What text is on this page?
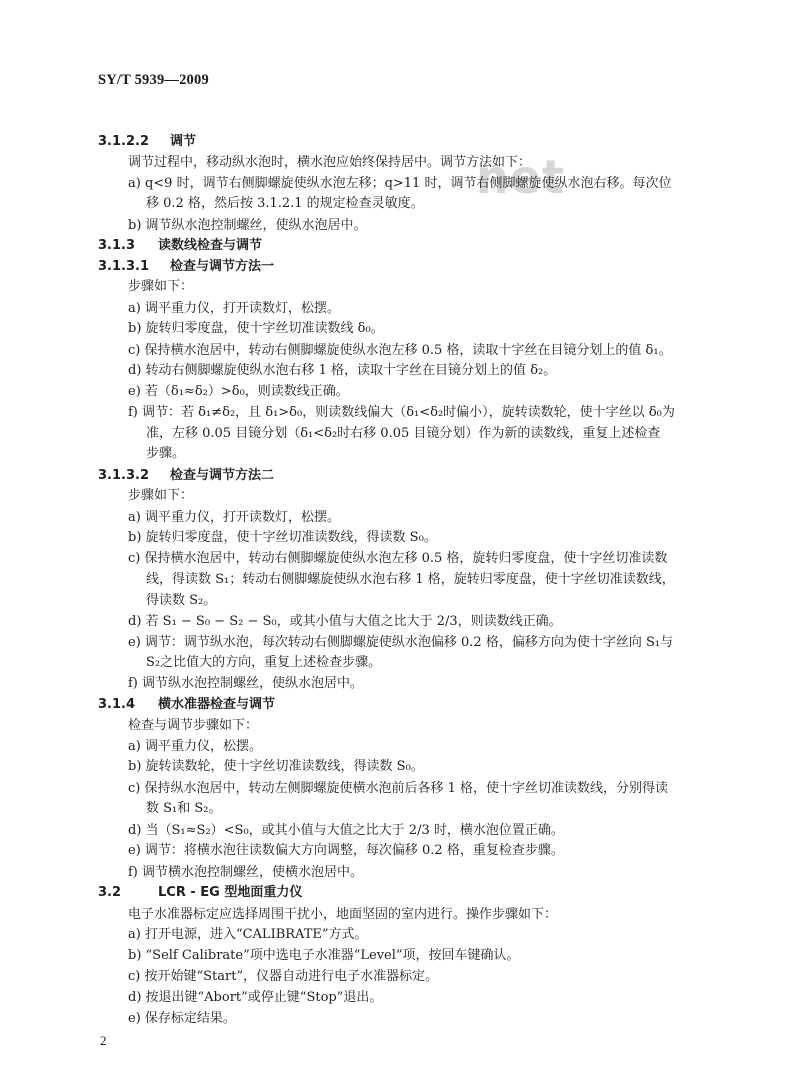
SY/T 5939—2009
net
3.1.2.2 调节
调节过程中，移动纵水泡时，横水泡应始终保持居中。调节方法如下：
a) q<9 时，调节右侧脚螺旋使纵水泡左移；q>11 时，调节右侧脚螺旋使纵水泡右移。每次位
移 0.2 格，然后按 3.1.2.1 的规定检查灵敏度。
b) 调节纵水泡控制螺丝，使纵水泡居中。
3.1.3 读数线检查与调节
3.1.3.1 检查与调节方法一
步骤如下：
a) 调平重力仪，打开读数灯，松摆。
b) 旋转归零度盘，使十字丝切准读数线 δ₀。
c) 保持横水泡居中，转动右侧脚螺旋使纵水泡左移 0.5 格，读取十字丝在目镜分划上的值 δ₁。
d) 转动右侧脚螺旋使纵水泡右移 1 格，读取十字丝在目镜分划上的值 δ₂。
e) 若（δ₁≈δ₂）>δ₀，则读数线正确。
f) 调节：若 δ₁≠δ₂，且 δ₁>δ₀，则读数线偏大（δ₁<δ₂时偏小），旋转读数轮，使十字丝以 δ₀为
准，左移 0.05 目镜分划（δ₁<δ₂时右移 0.05 目镜分划）作为新的读数线，重复上述检查
步骤。
3.1.3.2 检查与调节方法二
步骤如下：
a) 调平重力仪，打开读数灯，松摆。
b) 旋转归零度盘，使十字丝切准读数线，得读数 S₀。
c) 保持横水泡居中，转动右侧脚螺旋使纵水泡左移 0.5 格，旋转归零度盘，使十字丝切准读数
线，得读数 S₁；转动右侧脚螺旋使纵水泡右移 1 格，旋转归零度盘，使十字丝切准读数线，
得读数 S₂。
d) 若 S₁ − S₀ − S₂ − S₀，或其小值与大值之比大于 2/3，则读数线正确。
e) 调节：调节纵水泡，每次转动右侧脚螺旋使纵水泡偏移 0.2 格，偏移方向为使十字丝向 S₁与
S₂之比值大的方向，重复上述检查步骤。
f) 调节纵水泡控制螺丝，使纵水泡居中。
3.1.4 横水准器检查与调节
检查与调节步骤如下：
a) 调平重力仪，松摆。
b) 旋转读数轮，使十字丝切准读数线，得读数 S₀。
c) 保持纵水泡居中，转动左侧脚螺旋使横水泡前后各移 1 格，使十字丝切准读数线，分别得读
数 S₁和 S₂。
d) 当（S₁≈S₂）<S₀，或其小值与大值之比大于 2/3 时，横水泡位置正确。
e) 调节：将横水泡往读数偏大方向调整，每次偏移 0.2 格，重复检查步骤。
f) 调节横水泡控制螺丝，使横水泡居中。
3.2	LCR - EG 型地面重力仪
电子水准器标定应选择周围干扰小，地面坚固的室内进行。操作步骤如下：
a) 打开电源，进入“CALIBRATE”方式。
b) “Self Calibrate”项中选电子水准器“Level”项，按回车键确认。
c) 按开始键“Start”，仪器自动进行电子水准器标定。
d) 按退出键“Abort”或停止键“Stop”退出。
e) 保存标定结果。
2
